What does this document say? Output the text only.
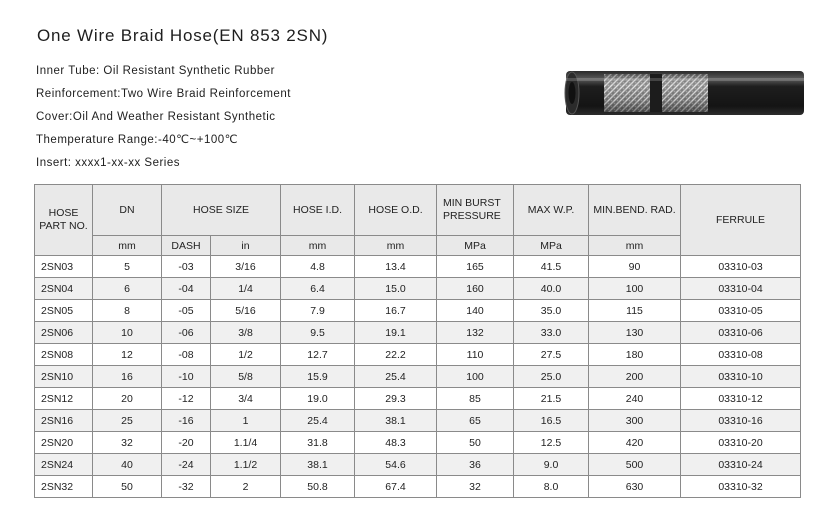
One Wire Braid Hose(EN 853 2SN)
Inner Tube: Oil Resistant Synthetic Rubber
Reinforcement:Two Wire Braid Reinforcement
Cover:Oil And Weather Resistant Synthetic
Themperature Range:-40℃~+100℃
Insert: xxxx1-xx-xx Series
HOSE PART NO.	DN	HOSE SIZE		HOSE I.D.	HOSE O.D.	MIN BURST PRESSURE	MAX W.P.	MIN.BEND. RAD.	FERRULE
	mm	DASH	in	mm	mm	MPa	MPa	mm	
2SN03	5	-03	3/16	4.8	13.4	165	41.5	90	03310-03
2SN04	6	-04	1/4	6.4	15.0	160	40.0	100	03310-04
2SN05	8	-05	5/16	7.9	16.7	140	35.0	115	03310-05
2SN06	10	-06	3/8	9.5	19.1	132	33.0	130	03310-06
2SN08	12	-08	1/2	12.7	22.2	110	27.5	180	03310-08
2SN10	16	-10	5/8	15.9	25.4	100	25.0	200	03310-10
2SN12	20	-12	3/4	19.0	29.3	85	21.5	240	03310-12
2SN16	25	-16	1	25.4	38.1	65	16.5	300	03310-16
2SN20	32	-20	1.1/4	31.8	48.3	50	12.5	420	03310-20
2SN24	40	-24	1.1/2	38.1	54.6	36	9.0	500	03310-24
2SN32	50	-32	2	50.8	67.4	32	8.0	630	03310-32
